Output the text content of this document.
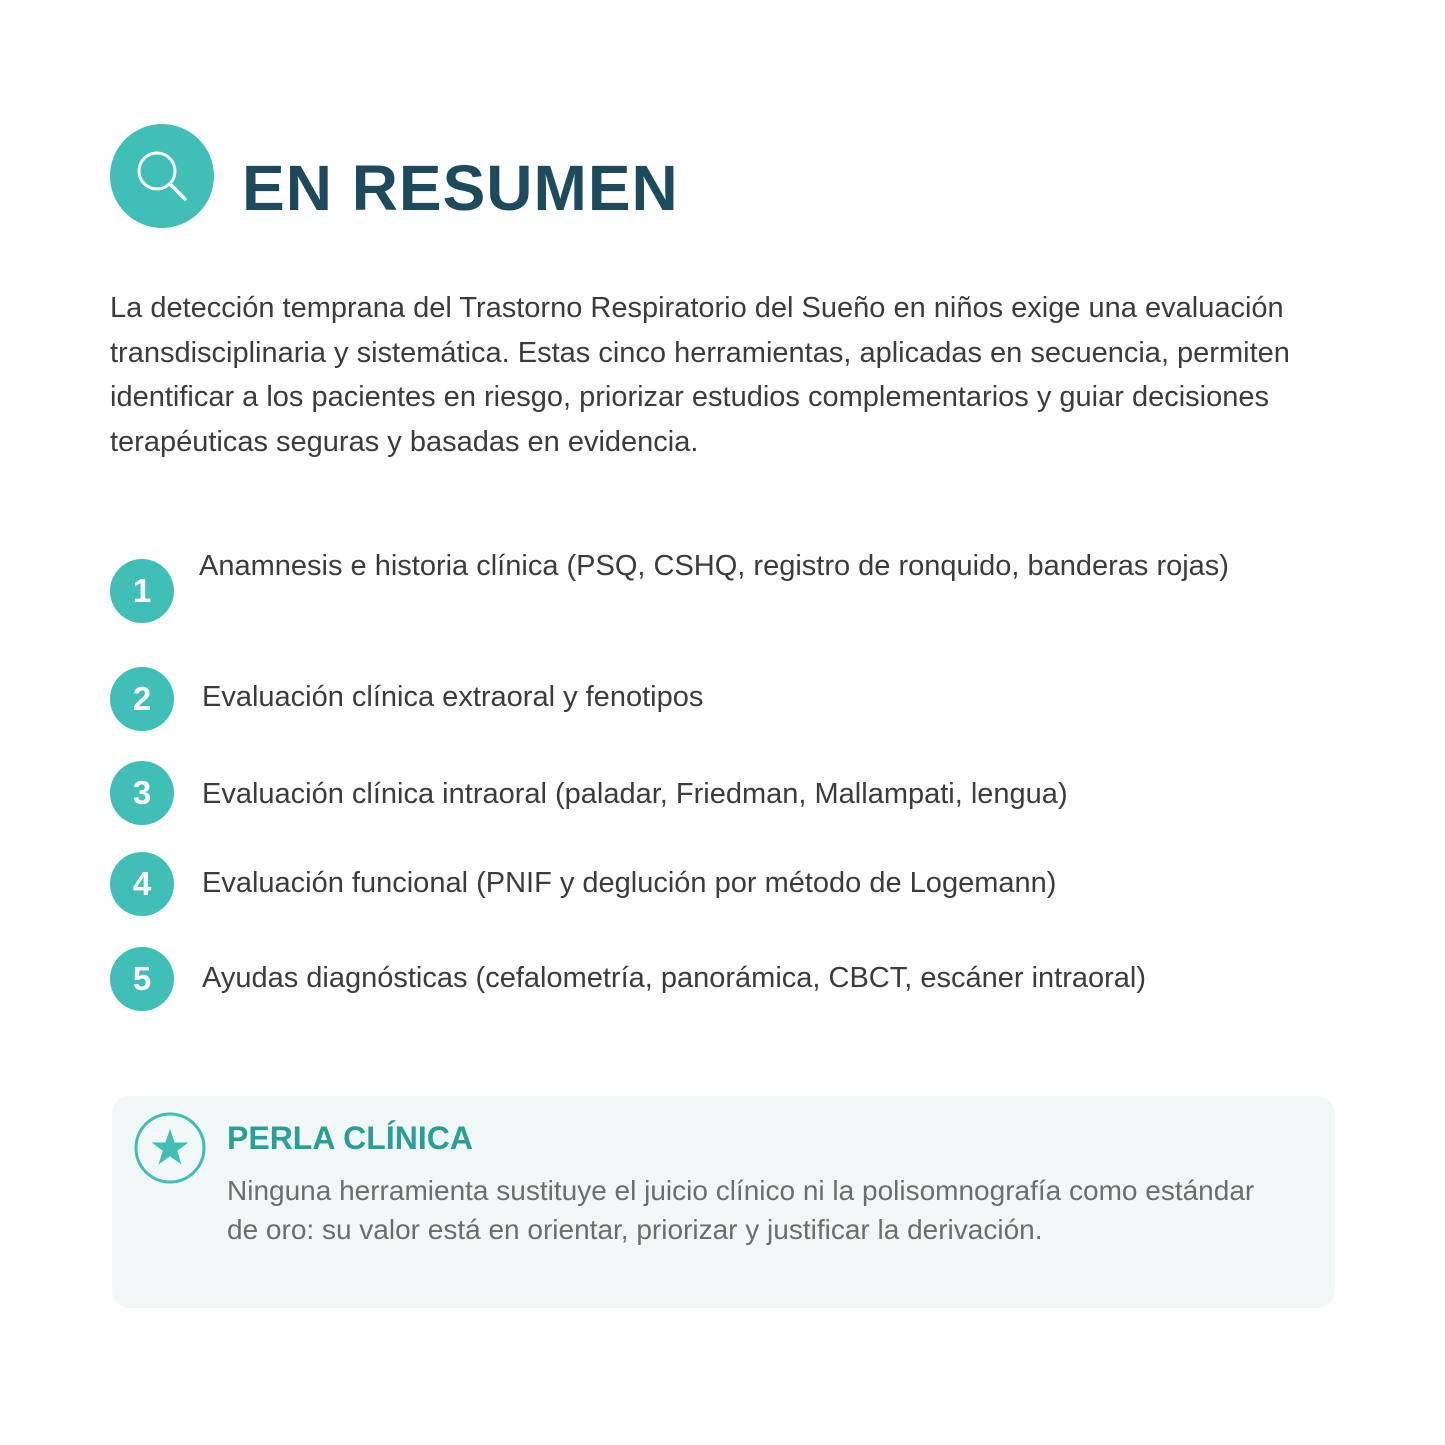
EN RESUMEN

La detección temprana del Trastorno Respiratorio del Sueño en niños exige una evaluación transdisciplinaria y sistemática. Estas cinco herramientas, aplicadas en secuencia, permiten identificar a los pacientes en riesgo, priorizar estudios complementarios y guiar decisiones terapéuticas seguras y basadas en evidencia.

1
Anamnesis e historia clínica (PSQ, CSHQ, registro de ronquido, banderas rojas)
2	Evaluación clínica extraoral y fenotipos
3	Evaluación clínica intraoral (paladar, Friedman, Mallampati, lengua)
4	Evaluación funcional (PNIF y deglución por método de Logemann)
5	Ayudas diagnósticas (cefalometría, panorámica, CBCT, escáner intraoral)
PERLA CLÍNICA

Ninguna herramienta sustituye el juicio clínico ni la polisomnografía como estándar de oro: su valor está en orientar, priorizar y justificar la derivación.
